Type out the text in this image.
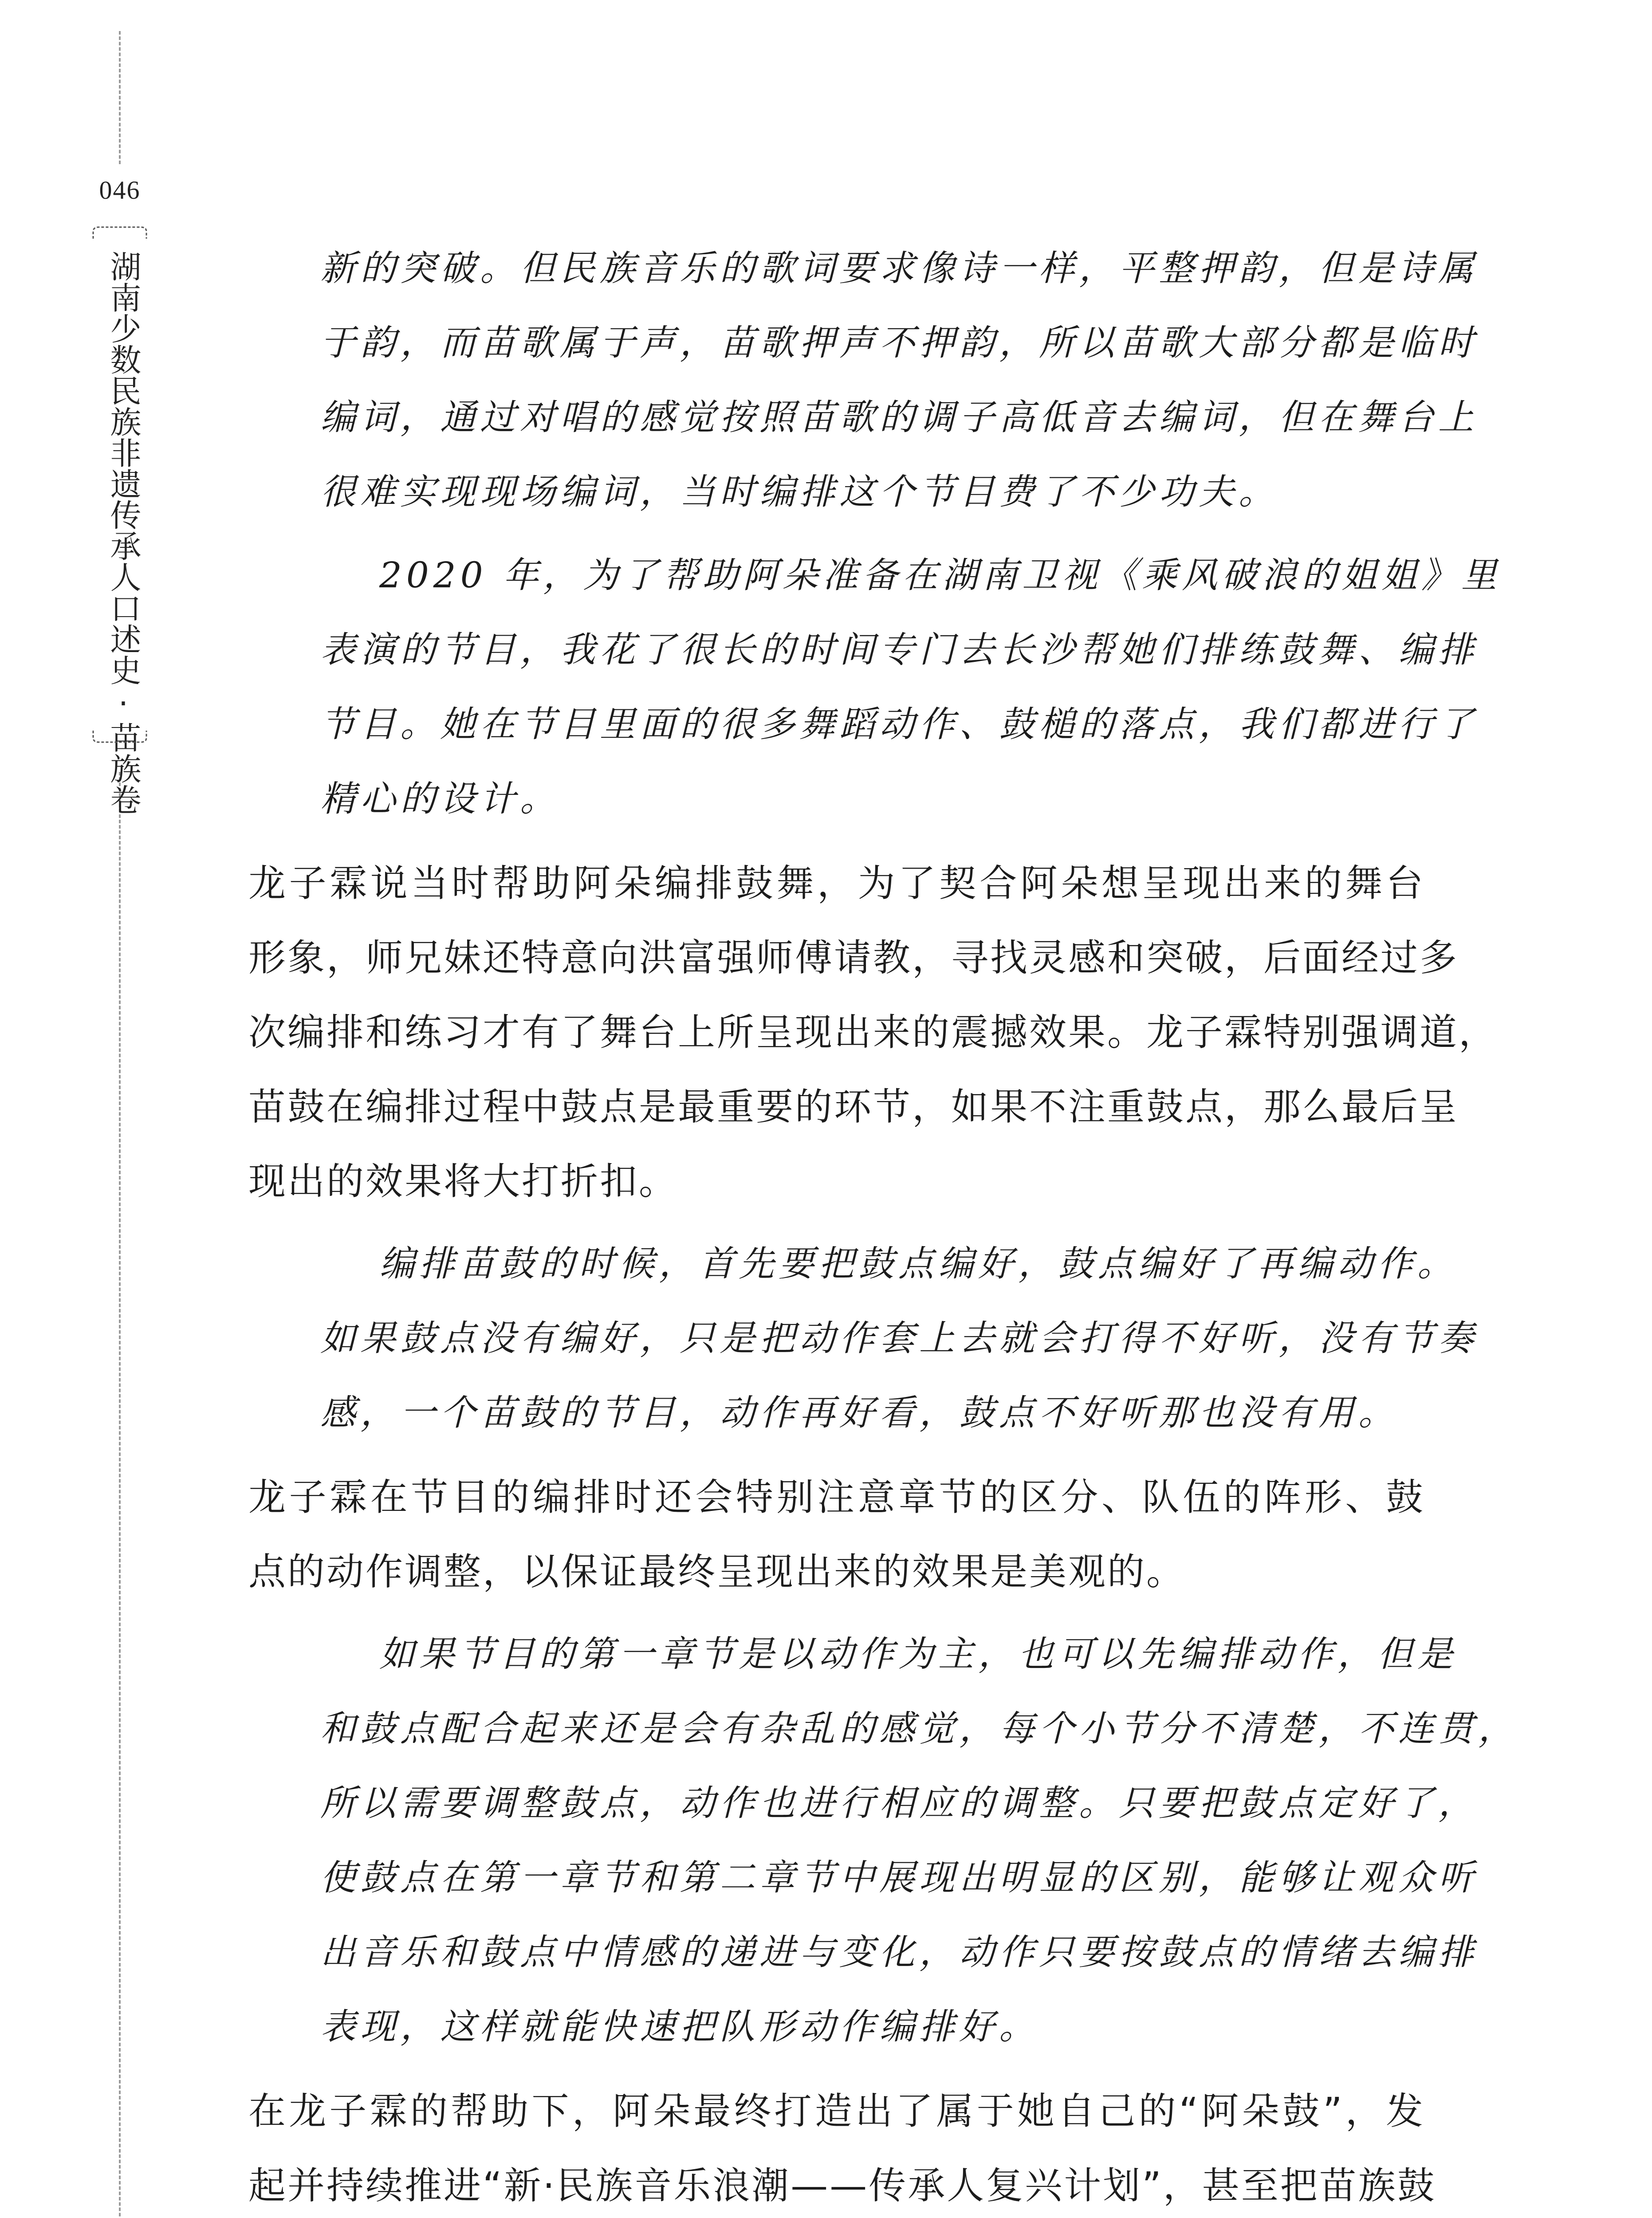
046
湖南少数民族非遗传承人口述史·苗族卷	新的突破。但民族音乐的歌词要求像诗一样，平整押韵，但是诗属

于韵，而苗歌属于声，苗歌押声不押韵，所以苗歌大部分都是临时

编词，通过对唱的感觉按照苗歌的调子高低音去编词，但在舞台上

很难实现现场编词，当时编排这个节目费了不少功夫。

2020 年，为了帮助阿朵准备在湖南卫视《乘风破浪的姐姐》里

表演的节目，我花了很长的时间专门去长沙帮她们排练鼓舞、编排

节目。她在节目里面的很多舞蹈动作、鼓槌的落点，我们都进行了

精心的设计。

龙子霖说当时帮助阿朵编排鼓舞，为了契合阿朵想呈现出来的舞台

形象，师兄妹还特意向洪富强师傅请教，寻找灵感和突破，后面经过多

次编排和练习才有了舞台上所呈现出来的震撼效果。龙子霖特别强调道，

苗鼓在编排过程中鼓点是最重要的环节，如果不注重鼓点，那么最后呈

现出的效果将大打折扣。

编排苗鼓的时候，首先要把鼓点编好，鼓点编好了再编动作。

如果鼓点没有编好，只是把动作套上去就会打得不好听，没有节奏

感，一个苗鼓的节目，动作再好看，鼓点不好听那也没有用。

龙子霖在节目的编排时还会特别注意章节的区分、队伍的阵形、鼓

点的动作调整，以保证最终呈现出来的效果是美观的。

如果节目的第一章节是以动作为主，也可以先编排动作，但是

和鼓点配合起来还是会有杂乱的感觉，每个小节分不清楚，不连贯，

所以需要调整鼓点，动作也进行相应的调整。只要把鼓点定好了，

使鼓点在第一章节和第二章节中展现出明显的区别，能够让观众听

出音乐和鼓点中情感的递进与变化，动作只要按鼓点的情绪去编排

表现，这样就能快速把队形动作编排好。

在龙子霖的帮助下，阿朵最终打造出了属于她自己的“阿朵鼓”，发

起并持续推进“新·民族音乐浪潮——传承人复兴计划”，甚至把苗族鼓
